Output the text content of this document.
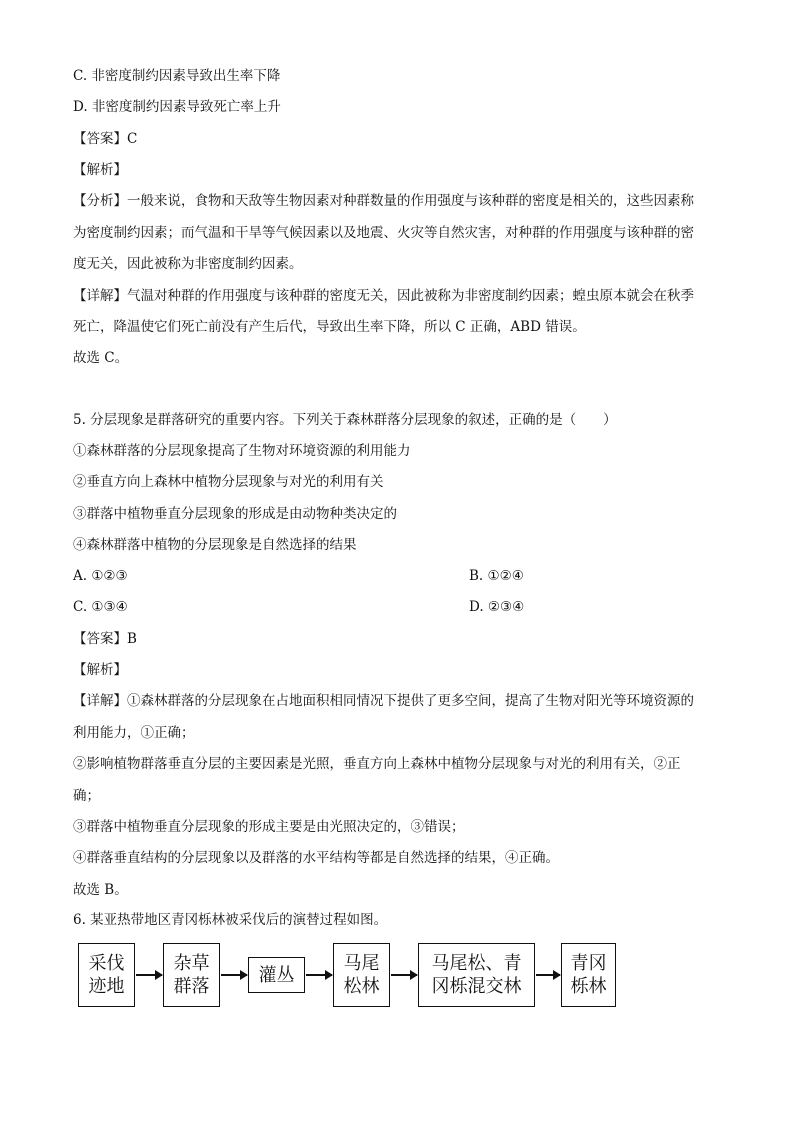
C. 非密度制约因素导致出生率下降
D. 非密度制约因素导致死亡率上升
【答案】C
【解析】
【分析】一般来说，食物和天敌等生物因素对种群数量的作用强度与该种群的密度是相关的，这些因素称
为密度制约因素；而气温和干旱等气候因素以及地震、火灾等自然灾害，对种群的作用强度与该种群的密
度无关，因此被称为非密度制约因素。
【详解】气温对种群的作用强度与该种群的密度无关，因此被称为非密度制约因素；蝗虫原本就会在秋季
死亡，降温使它们死亡前没有产生后代，导致出生率下降，所以 C 正确，ABD 错误。
故选 C。
5. 分层现象是群落研究的重要内容。下列关于森林群落分层现象的叙述，正确的是（　　）
①森林群落的分层现象提高了生物对环境资源的利用能力
②垂直方向上森林中植物分层现象与对光的利用有关
③群落中植物垂直分层现象的形成是由动物种类决定的
④森林群落中植物的分层现象是自然选择的结果
A. ①②③	B. ①②④
C. ①③④	D. ②③④
【答案】B
【解析】
【详解】①森林群落的分层现象在占地面积相同情况下提供了更多空间，提高了生物对阳光等环境资源的
利用能力，①正确；
②影响植物群落垂直分层的主要因素是光照，垂直方向上森林中植物分层现象与对光的利用有关，②正
确；
③群落中植物垂直分层现象的形成主要是由光照决定的，③错误；
④群落垂直结构的分层现象以及群落的水平结构等都是自然选择的结果，④正确。
故选 B。
6. 某亚热带地区青冈栎林被采伐后的演替过程如图。
采伐
迹地
杂草
群落
灌丛
马尾
松林
马尾松、青
冈栎混交林
青冈
栎林
